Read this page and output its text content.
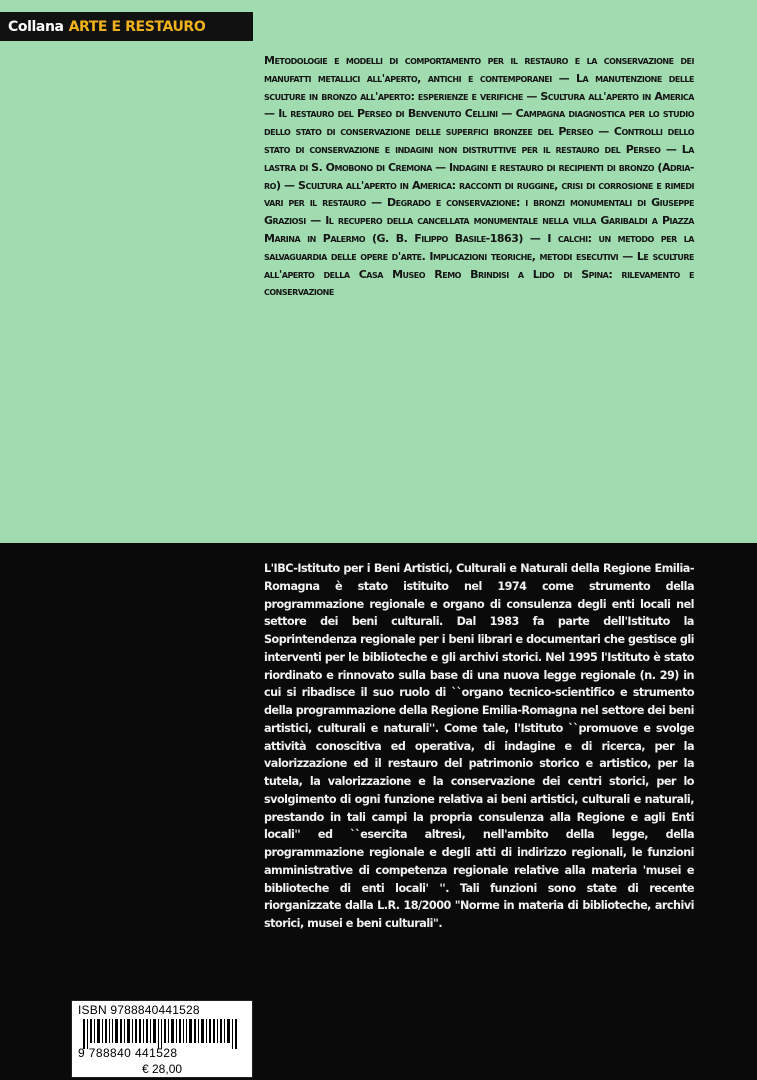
Collana ARTE E RESTAURO

Metodologie e modelli di comportamento per il restauro e la conservazione dei manufatti metallici all'aperto, antichi e contemporanei — La manutenzione delle sculture in bronzo all'aperto: esperienze e verifiche — Scultura all'aperto in America — Il restauro del Perseo di Benvenuto Cellini — Campagna diagnostica per lo studio dello stato di conservazione delle superfici bronzee del Perseo — Controlli dello stato di conservazione e indagini non distruttive per il restauro del Perseo — La lastra di S. Omobono di Cremona — Indagini e restauro di recipienti di bronzo (Adria-ro) — Scultura all'aperto in America: racconti di ruggine, crisi di corrosione e rimedi vari per il restauro — Degrado e conservazione: i bronzi monumentali di Giuseppe Graziosi — Il recupero della cancellata monumentale nella villa Garibaldi a Piazza Marina in Palermo (G. B. Filippo Basile-1863) — I calchi: un metodo per la salvaguardia delle opere d'arte. Implicazioni teoriche, metodi esecutivi — Le sculture all'aperto della Casa Museo Remo Brindisi a Lido di Spina: rilevamento e conservazione

L'IBC-Istituto per i Beni Artistici, Culturali e Naturali della Regione Emilia-Romagna è stato istituito nel 1974 come strumento della programmazione regionale e organo di consulenza degli enti locali nel settore dei beni culturali. Dal 1983 fa parte dell'Istituto la Soprintendenza regionale per i beni librari e documentari che gestisce gli interventi per le biblioteche e gli archivi storici. Nel 1995 l'Istituto è stato riordinato e rinnovato sulla base di una nuova legge regionale (n. 29) in cui si ribadisce il suo ruolo di ``organo tecnico-scientifico e strumento della programmazione della Regione Emilia-Romagna nel settore dei beni artistici, culturali e naturali''. Come tale, l'Istituto ``promuove e svolge attività conoscitiva ed operativa, di indagine e di ricerca, per la valorizzazione ed il restauro del patrimonio storico e artistico, per la tutela, la valorizzazione e la conservazione dei centri storici, per lo svolgimento di ogni funzione relativa ai beni artistici, culturali e naturali, prestando in tali campi la propria consulenza alla Regione e agli Enti locali'' ed ``esercita altresì, nell'ambito della legge, della programmazione regionale e degli atti di indirizzo regionali, le funzioni amministrative di competenza regionale relative alla materia 'musei e biblioteche di enti locali' ''. Tali funzioni sono state di recente riorganizzate dalla L.R. 18/2000 "Norme in materia di biblioteche, archivi storici, musei e beni culturali".

ISBN 9788840441528
9 788840 441528
€ 28,00
